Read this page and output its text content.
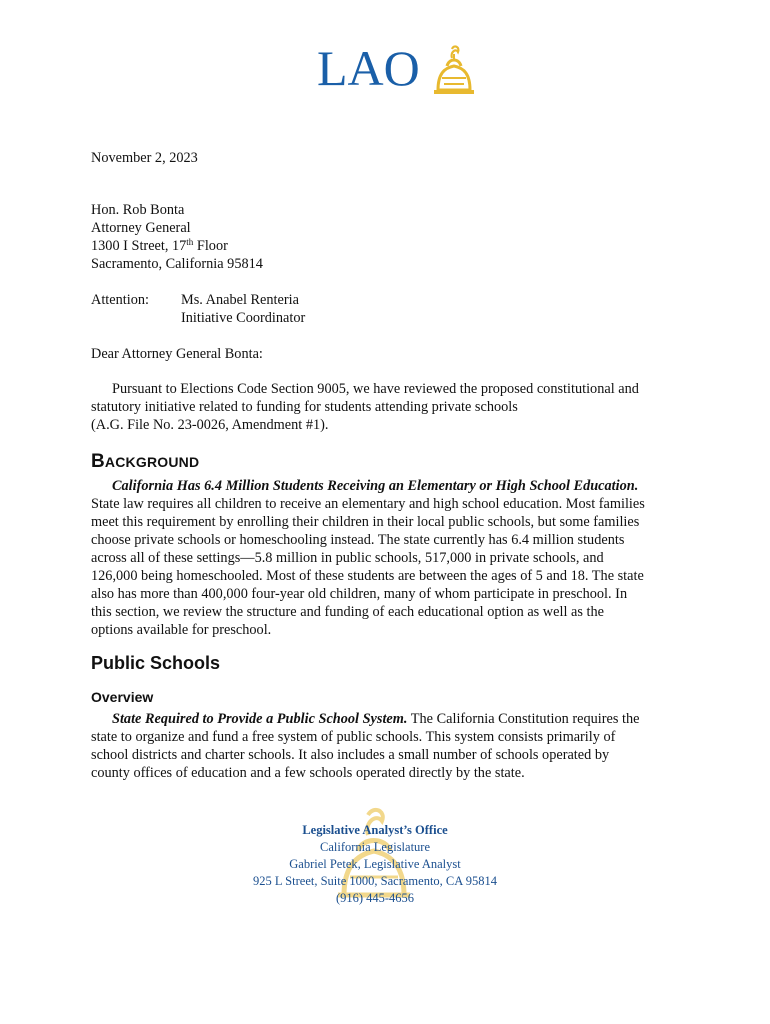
LAO
November 2, 2023
Hon. Rob Bonta
Attorney General
1300 I Street, 17th Floor
Sacramento, California 95814
Attention: Ms. Anabel Renteria
Initiative Coordinator
Dear Attorney General Bonta:
Pursuant to Elections Code Section 9005, we have reviewed the proposed constitutional and
statutory initiative related to funding for students attending private schools
(A.G. File No. 23-0026, Amendment #1).
BACKGROUND
California Has 6.4 Million Students Receiving an Elementary or High School Education.
State law requires all children to receive an elementary and high school education. Most families
meet this requirement by enrolling their children in their local public schools, but some families
choose private schools or homeschooling instead. The state currently has 6.4 million students
across all of these settings—5.8 million in public schools, 517,000 in private schools, and
126,000 being homeschooled. Most of these students are between the ages of 5 and 18. The state
also has more than 400,000 four-year old children, many of whom participate in preschool. In
this section, we review the structure and funding of each educational option as well as the
options available for preschool.
Public Schools
Overview
State Required to Provide a Public School System. The California Constitution requires the
state to organize and fund a free system of public schools. This system consists primarily of
school districts and charter schools. It also includes a small number of schools operated by
county offices of education and a few schools operated directly by the state.
Legislative Analyst’s Office
California Legislature
Gabriel Petek, Legislative Analyst
925 L Street, Suite 1000, Sacramento, CA 95814
(916) 445-4656
